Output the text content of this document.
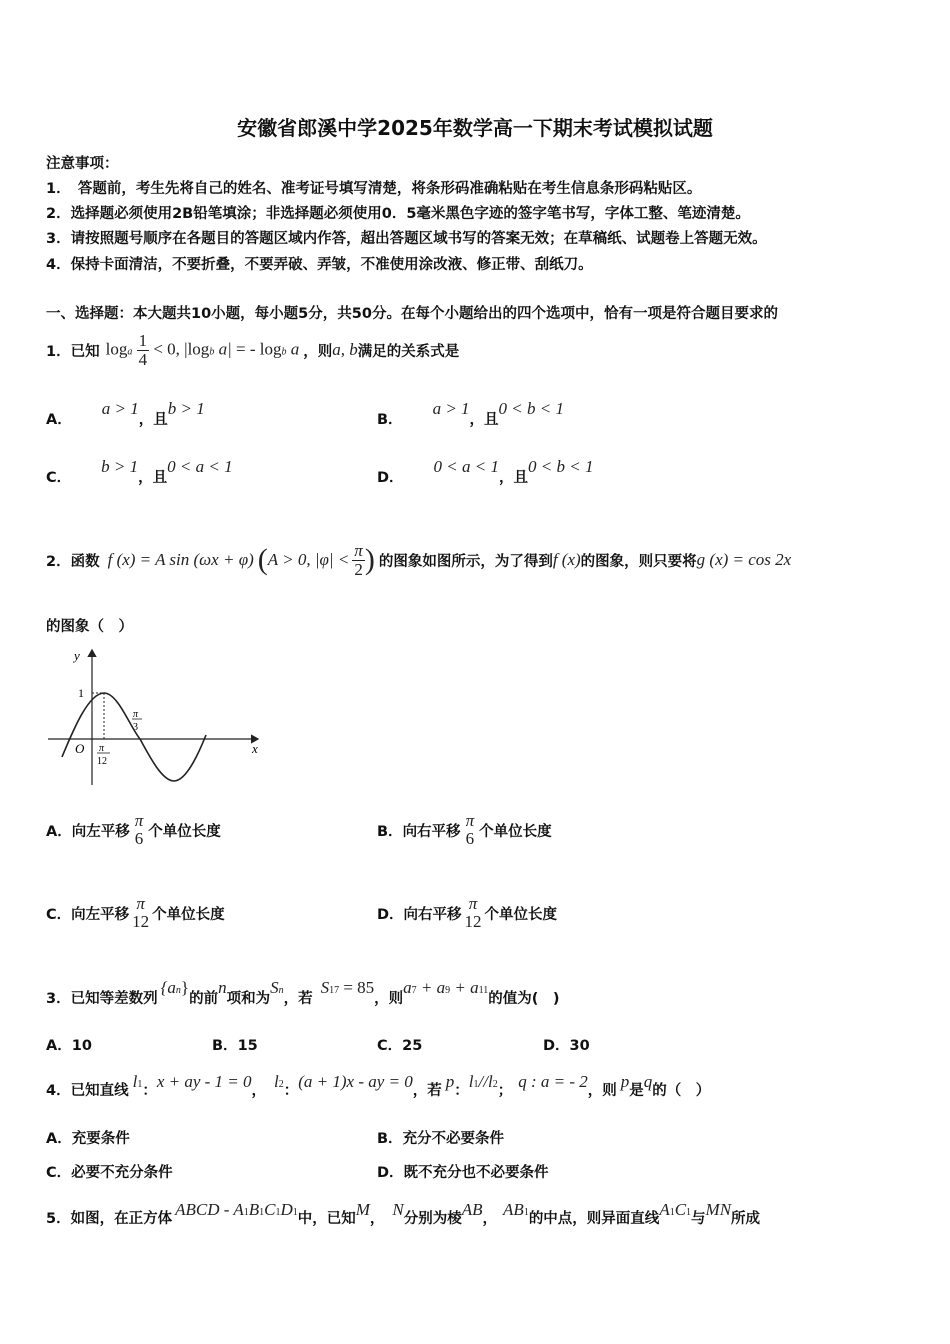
安徽省郎溪中学2025年数学高一下期末考试模拟试题
注意事项：
1．　答题前，考生先将自己的姓名、准考证号填写清楚，将条形码准确粘贴在考生信息条形码粘贴区。
2．选择题必须使用2B铅笔填涂；非选择题必须使用0．5毫米黑色字迹的签字笔书写，字体工整、笔迹清楚。
3．请按照题号顺序在各题目的答题区域内作答，超出答题区域书写的答案无效；在草稿纸、试题卷上答题无效。
4．保持卡面清洁，不要折叠，不要弄破、弄皱，不准使用涂改液、修正带、刮纸刀。
一、选择题：本大题共10小题，每小题5分，共50分。在每个小题给出的四个选项中，恰有一项是符合题目要求的
1．已知 loga $\frac{1}{4} < 0$, |logb a| = - logb a ，则 a, b 满足的关系式是
A．
a > 1
，且
b > 1
B．
a > 1
，且
0 < b < 1
C．
b > 1
，且
0 < a < 1
D．
0 < a < 1
，且
0 < b < 1
2．函数 f (x) = A sin (ωx + φ) ( A > 0, $|\varphi| < \frac{\pi}{2}$ ) 的图象如图所示，为了得到 f (x) 的图象，则只要将 g (x) = cos 2x
的图象（　）
y
x
O
1
π
12
π
3
A． 向左平移
π
6 个单位长度	B． 向右平移
π
6 个单位长度
C． 向左平移
π
12 个单位长度	D． 向右平移
π
12 个单位长度
3．已知等差数列
{an}
的前
n
项和为
Sn
，若
S17 = 85
，则
a7 + a9 + a11
的值为(　)
A．10	B．15	C．25	D．30
4．已知直线 l1 ： x + ay - 1 = 0 ， l2 ： (a + 1)x - ay = 0 ，若 p ： l1//l2 ； q : a = - 2 ，则 p 是 q 的（　）
A．充要条件	B．充分不必要条件
C．必要不充分条件	D．既不充分也不必要条件
5．如图，在正方体 ABCD - A1B1C1D1 中，已知 M ， N 分别为棱 AB ， AB1 的中点，则异面直线 A1C1 与 MN 所成
